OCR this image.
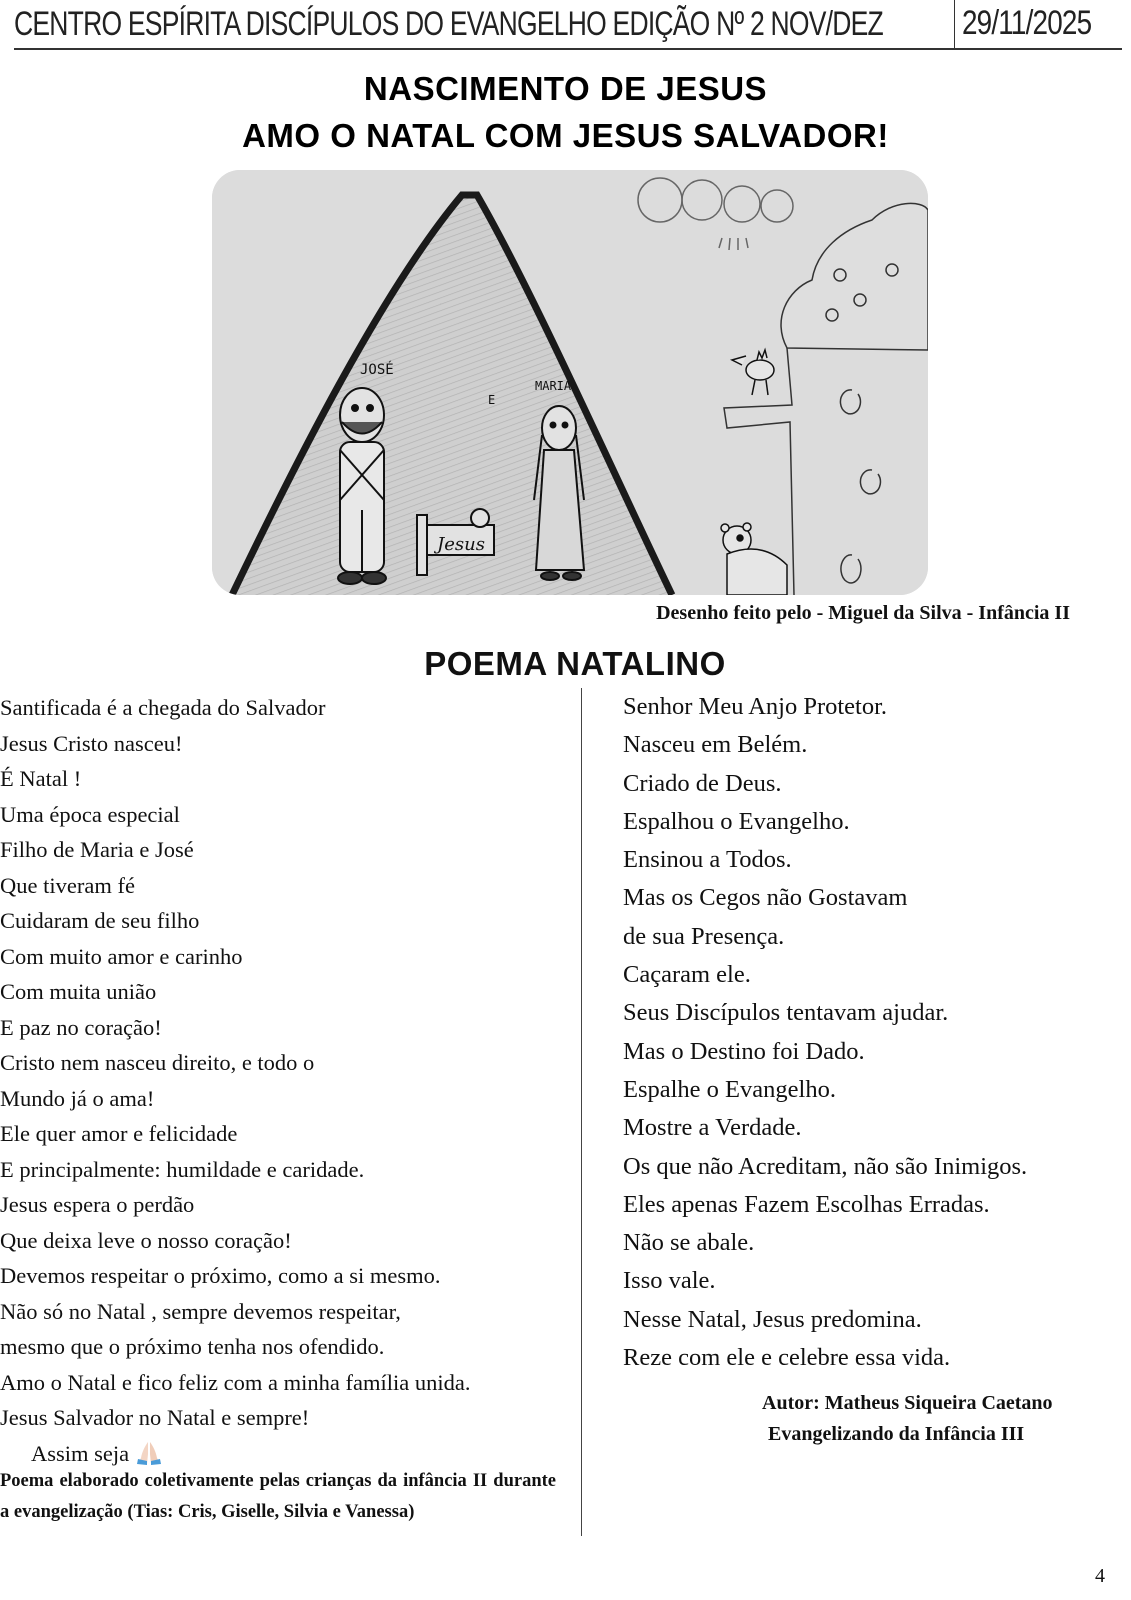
CENTRO ESPÍRITA DISCÍPULOS DO EVANGELHO EDIÇÃO Nº 2 NOV/DEZ 29/11/2025
NASCIMENTO DE JESUS
AMO O NATAL COM JESUS SALVADOR!
JOSÉ
E
Jesus
MARIA
Desenho feito pelo - Miguel da Silva - Infância II
POEMA NATALINO
Santificada é a chegada do Salvador
Jesus Cristo nasceu!
É Natal !
Uma época especial
Filho de Maria e José
Que tiveram fé
Cuidaram de seu filho
Com muito amor e carinho
Com muita união
E paz no coração!
Cristo nem nasceu direito, e todo o
Mundo já o ama!
Ele quer amor e felicidade
E principalmente: humildade e caridade.
Jesus espera o perdão
Que deixa leve o nosso coração!
Devemos respeitar o próximo, como a si mesmo.
Não só no Natal , sempre devemos respeitar,
mesmo que o próximo tenha nos ofendido.
Amo o Natal e fico feliz com a minha família unida.
Jesus Salvador no Natal e sempre!
Assim seja
Poema elaborado coletivamente pelas crianças da infância II durante a evangelização (Tias: Cris, Giselle, Silvia e Vanessa)
Senhor Meu Anjo Protetor.
Nasceu em Belém.
Criado de Deus.
Espalhou o Evangelho.
Ensinou a Todos.
Mas os Cegos não Gostavam
de sua Presença.
Caçaram ele.
Seus Discípulos tentavam ajudar.
Mas o Destino foi Dado.
Espalhe o Evangelho.
Mostre a Verdade.
Os que não Acreditam, não são Inimigos.
Eles apenas Fazem Escolhas Erradas.
Não se abale.
Isso vale.
Nesse Natal, Jesus predomina.
Reze com ele e celebre essa vida.
Autor: Matheus Siqueira Caetano
Evangelizando da Infância III
4
